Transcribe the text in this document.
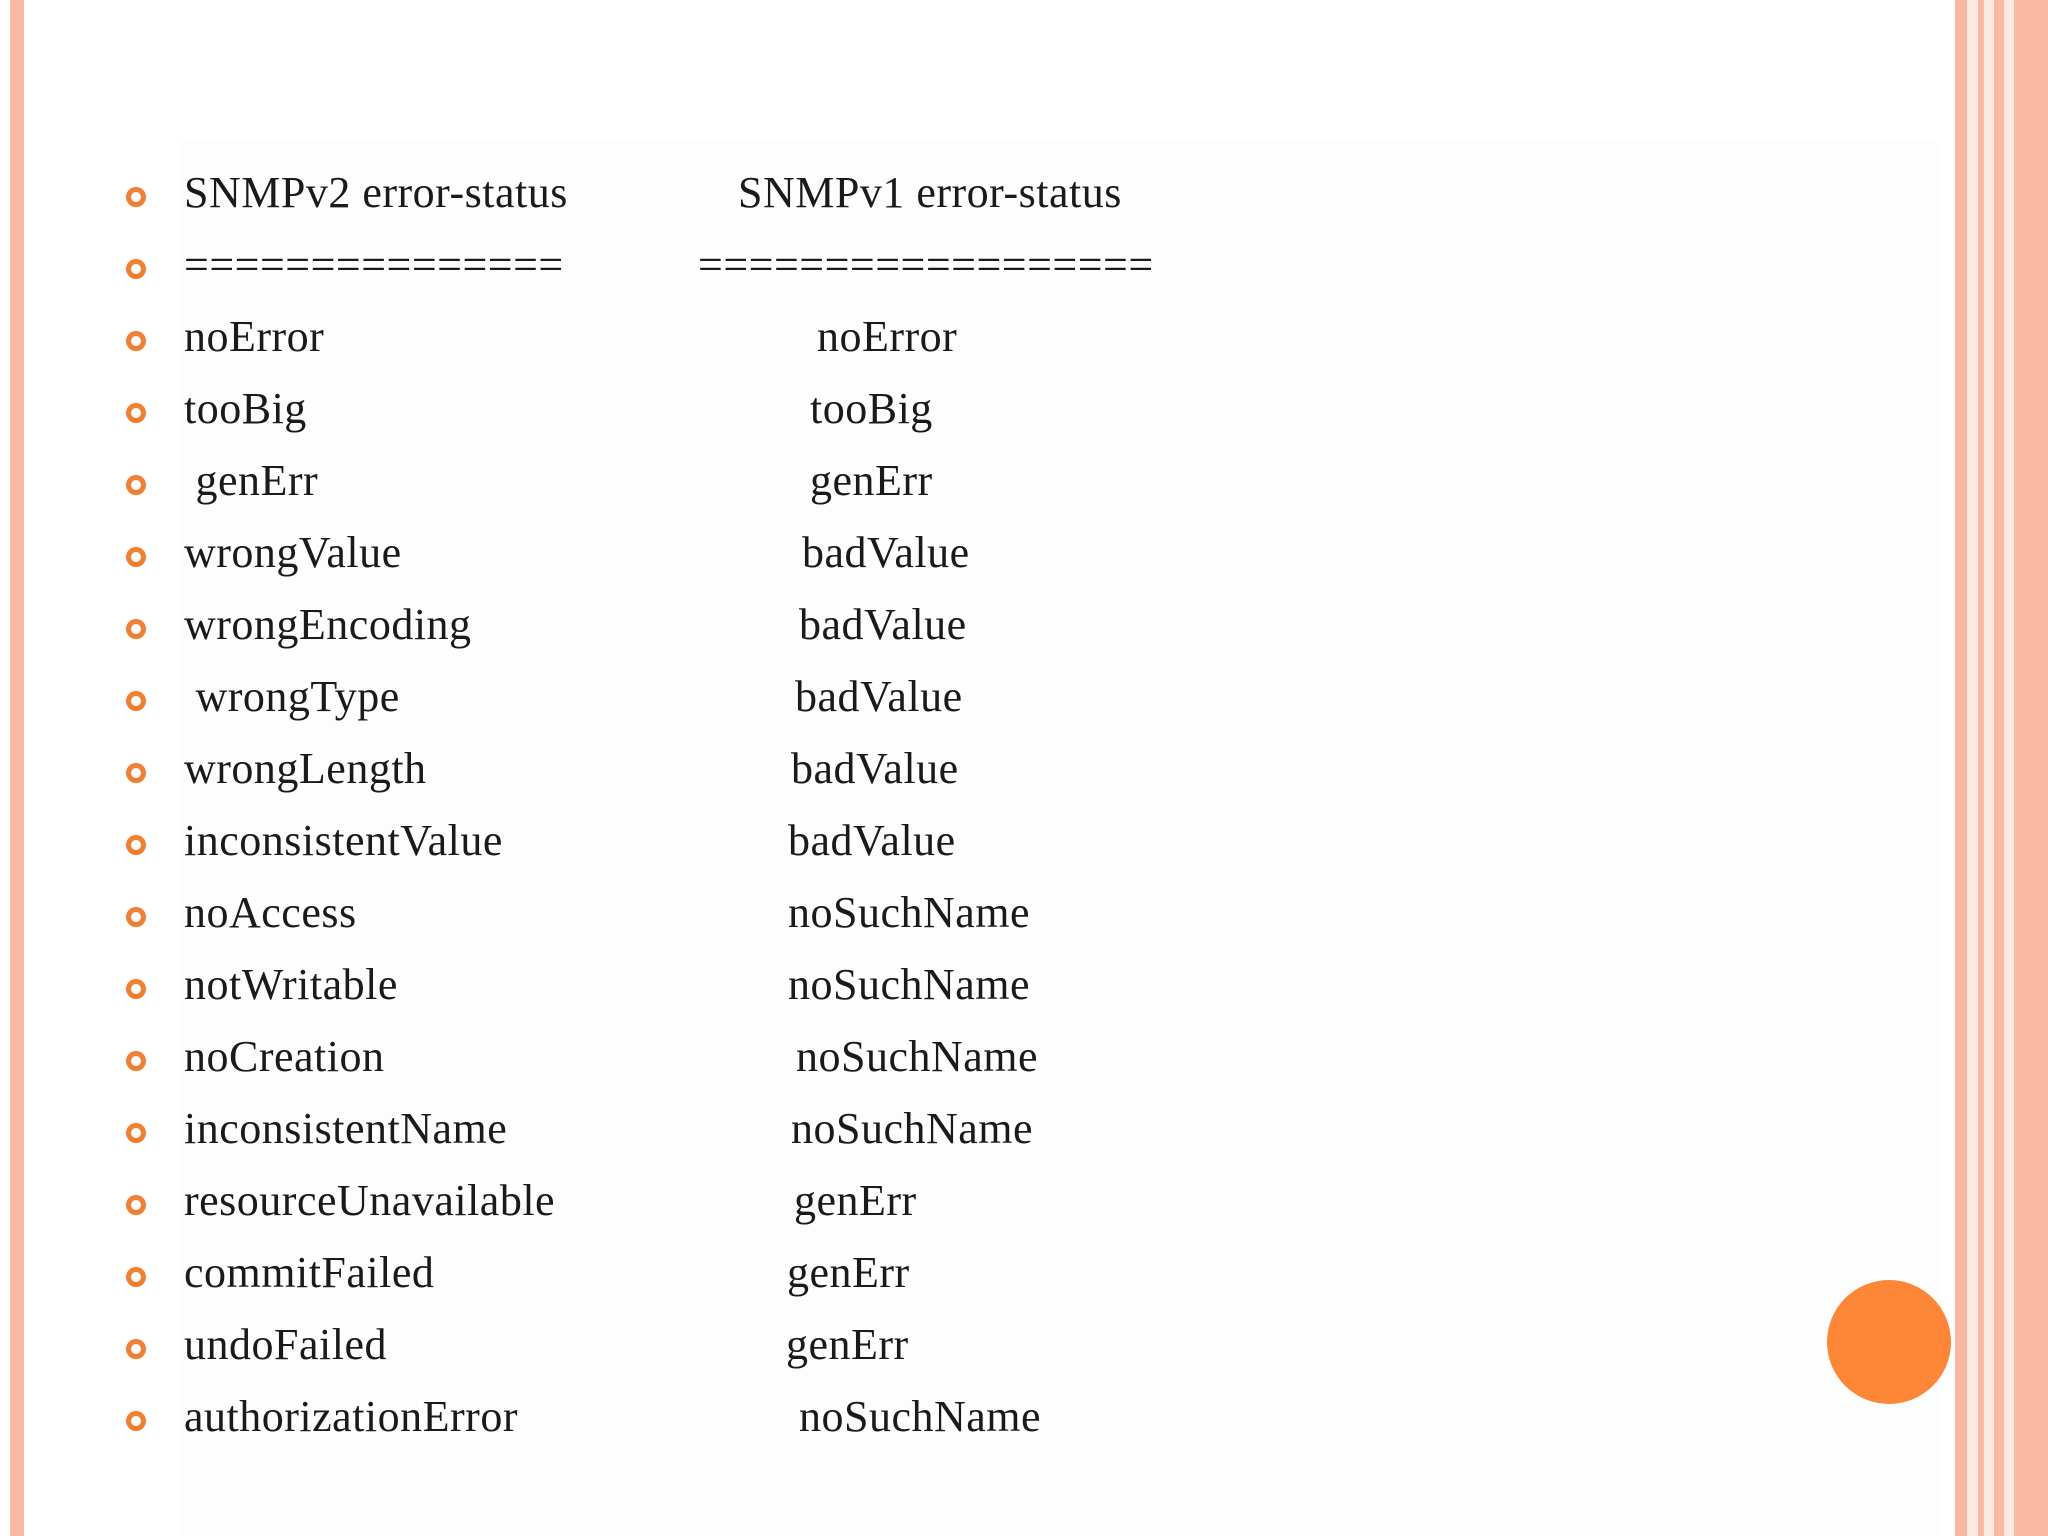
SNMPv2 error-status	SNMPv1 error-status
===============	==================
noError	noError
tooBig	tooBig
genErr	genErr
wrongValue	badValue
wrongEncoding	badValue
wrongType	badValue
wrongLength	badValue
inconsistentValue	badValue
noAccess	noSuchName
notWritable	noSuchName
noCreation	noSuchName
inconsistentName	noSuchName
resourceUnavailable	genErr
commitFailed	genErr
undoFailed	genErr
authorizationError	noSuchName
